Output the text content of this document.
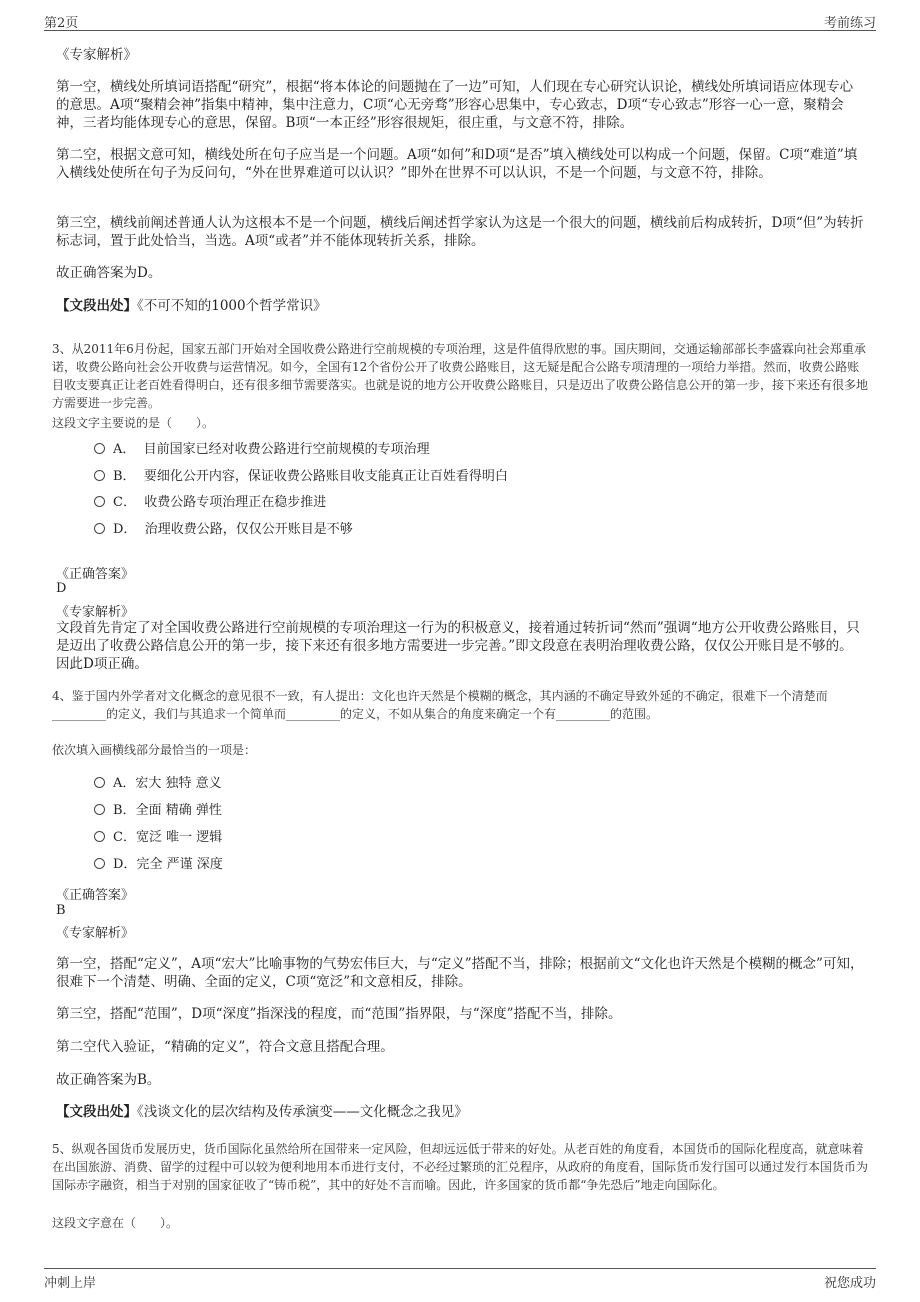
第2页	考前练习
《专家解析》
第一空，横线处所填词语搭配“研究”，根据“将本体论的问题抛在了一边”可知，人们现在专心研究认识论，横线处所填词语应体现专心的意思。A项“聚精会神”指集中精神，集中注意力，C项“心无旁骛”形容心思集中，专心致志，D项“专心致志”形容一心一意，聚精会神，三者均能体现专心的意思，保留。B项“一本正经”形容很规矩，很庄重，与文意不符，排除。
第二空，根据文意可知，横线处所在句子应当是一个问题。A项“如何”和D项“是否”填入横线处可以构成一个问题，保留。C项“难道”填入横线处使所在句子为反问句，“外在世界难道可以认识？”即外在世界不可以认识，不是一个问题，与文意不符，排除。
第三空，横线前阐述普通人认为这根本不是一个问题，横线后阐述哲学家认为这是一个很大的问题，横线前后构成转折，D项“但”为转折标志词，置于此处恰当，当选。A项“或者”并不能体现转折关系，排除。
故正确答案为D。
【文段出处】《不可不知的1000个哲学常识》
3、从2011年6月份起，国家五部门开始对全国收费公路进行空前规模的专项治理，这是件值得欣慰的事。国庆期间，交通运输部部长李盛霖向社会郑重承诺，收费公路向社会公开收费与运营情况。如今，全国有12个省份公开了收费公路账目，这无疑是配合公路专项清理的一项给力举措。然而，收费公路账目收支要真正让老百姓看得明白，还有很多细节需要落实。也就是说的地方公开收费公路账目，只是迈出了收费公路信息公开的第一步，接下来还有很多地方需要进一步完善。
这段文字主要说的是（　　）。
A． 目前国家已经对收费公路进行空前规模的专项治理
B． 要细化公开内容，保证收费公路账目收支能真正让百姓看得明白
C． 收费公路专项治理正在稳步推进
D． 治理收费公路，仅仅公开账目是不够
《正确答案》
D
《专家解析》
文段首先肯定了对全国收费公路进行空前规模的专项治理这一行为的积极意义，接着通过转折词“然而”强调“地方公开收费公路账目，只是迈出了收费公路信息公开的第一步，接下来还有很多地方需要进一步完善。”即文段意在表明治理收费公路，仅仅公开账目是不够的。因此D项正确。
4、鉴于国内外学者对文化概念的意见很不一致，有人提出：文化也许天然是个模糊的概念，其内涵的不确定导致外延的不确定，很难下一个清楚而_________的定义，我们与其追求一个简单而_________的定义，不如从集合的角度来确定一个有_________的范围。
依次填入画横线部分最恰当的一项是：
A．宏大 独特 意义
B．全面 精确 弹性
C．宽泛 唯一 逻辑
D．完全 严谨 深度
《正确答案》
B
《专家解析》
第一空，搭配“定义”，A项“宏大”比喻事物的气势宏伟巨大，与“定义”搭配不当，排除；根据前文“文化也许天然是个模糊的概念”可知，很难下一个清楚、明确、全面的定义，C项“宽泛”和文意相反，排除。
第三空，搭配“范围”，D项“深度”指深浅的程度，而“范围”指界限，与“深度”搭配不当，排除。
第二空代入验证，“精确的定义”，符合文意且搭配合理。
故正确答案为B。
【文段出处】《浅谈文化的层次结构及传承演变——文化概念之我见》
5、纵观各国货币发展历史，货币国际化虽然给所在国带来一定风险，但却远远低于带来的好处。从老百姓的角度看，本国货币的国际化程度高，就意味着在出国旅游、消费、留学的过程中可以较为便利地用本币进行支付，不必经过繁琐的汇兑程序，从政府的角度看，国际货币发行国可以通过发行本国货币为国际赤字融资，相当于对别的国家征收了“铸币税”，其中的好处不言而喻。因此，许多国家的货币都“争先恐后”地走向国际化。
这段文字意在（　　）。
冲刺上岸	祝您成功
